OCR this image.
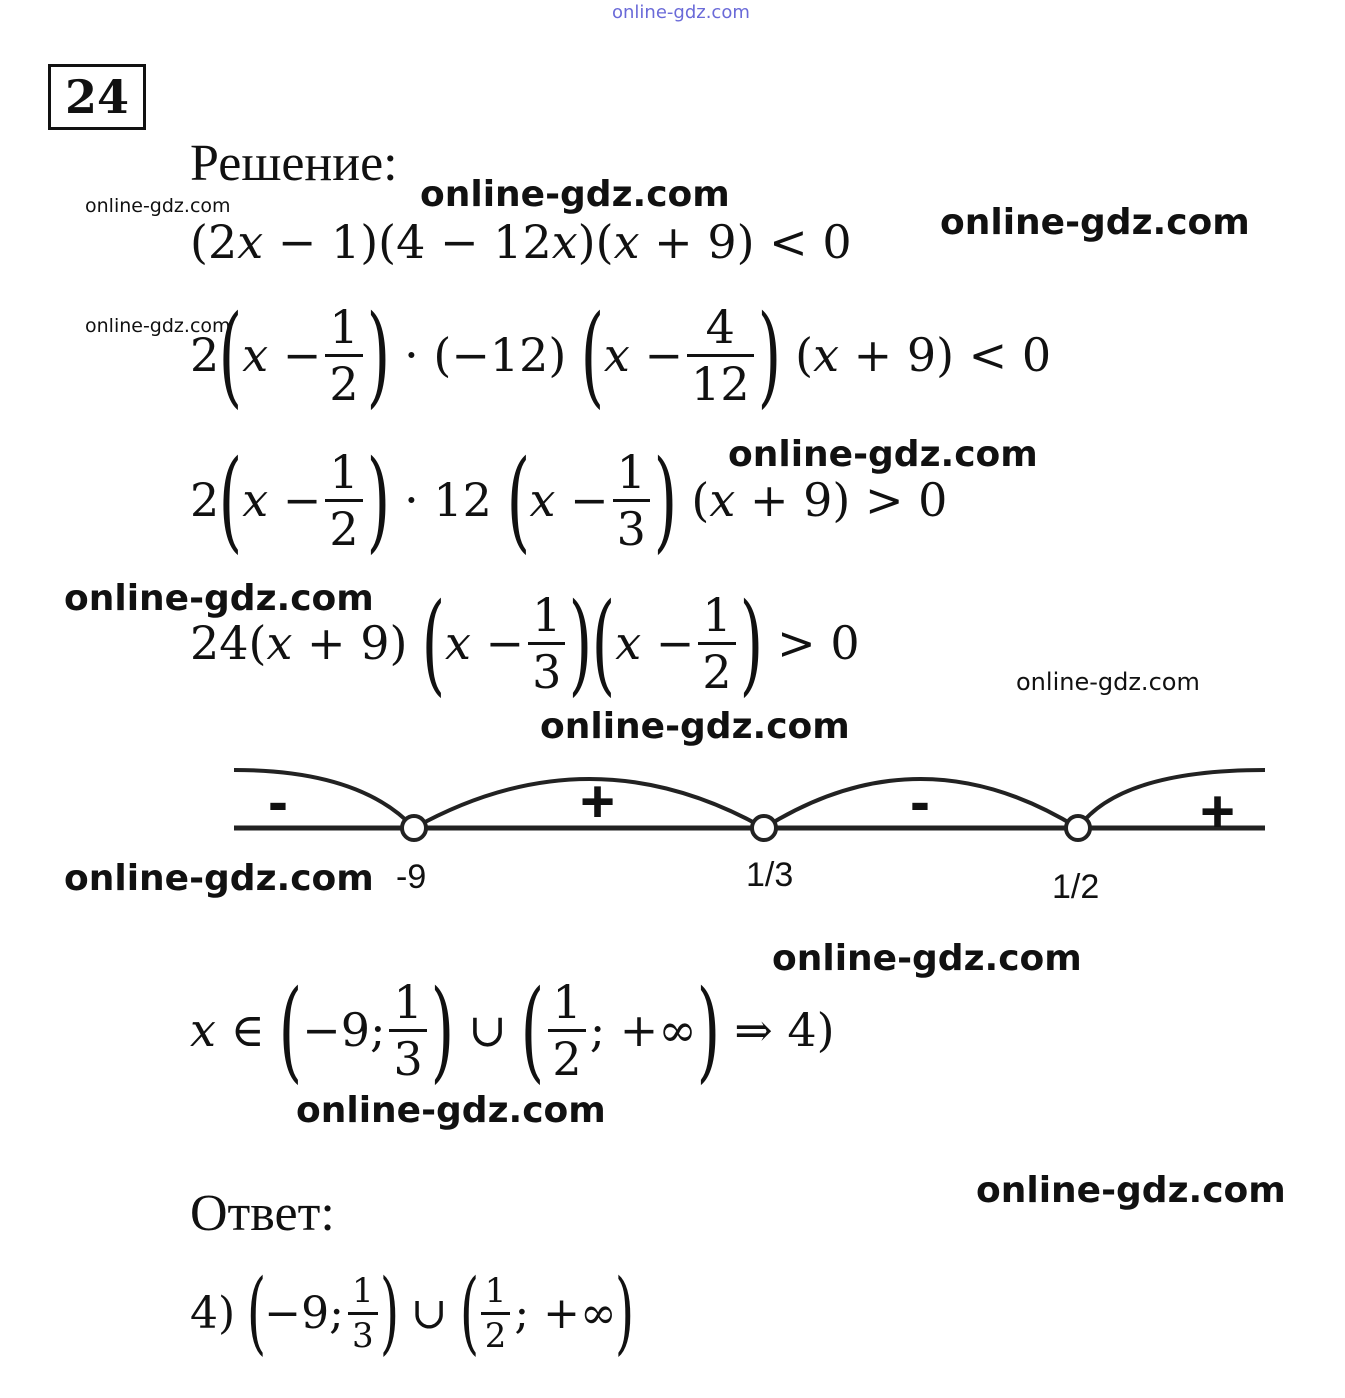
online-gdz.com
24
Решение:
(2x − 1)(4 − 12x)(x + 9) < 0
2 ( $x - \frac{1}{2}$ ) · (−12) ( $x - \frac{4}{12}$ ) (x + 9) < 0
2 ( $x - \frac{1}{2}$ ) · 12 ( $x - \frac{1}{3}$ ) (x + 9) > 0
24(x + 9) ( $x - \frac{1}{3}$ ) ( $x - \frac{1}{2}$ ) > 0
-	+	-	+
-9	1/3	1/2
x ∈ ( −9; $\frac{1}{3}$ ) ∪ ( $\frac{1}{2}$ ; +∞ ) ⇒ 4)
Ответ:
4)
(
−9; $\frac{1}{3}$ )
∪
( $\frac{1}{2}$ ; +∞
)
online-gdz.com
online-gdz.com	online-gdz.com
online-gdz.com
online-gdz.com
online-gdz.com
online-gdz.com
online-gdz.com
online-gdz.com
online-gdz.com
online-gdz.com
online-gdz.com
